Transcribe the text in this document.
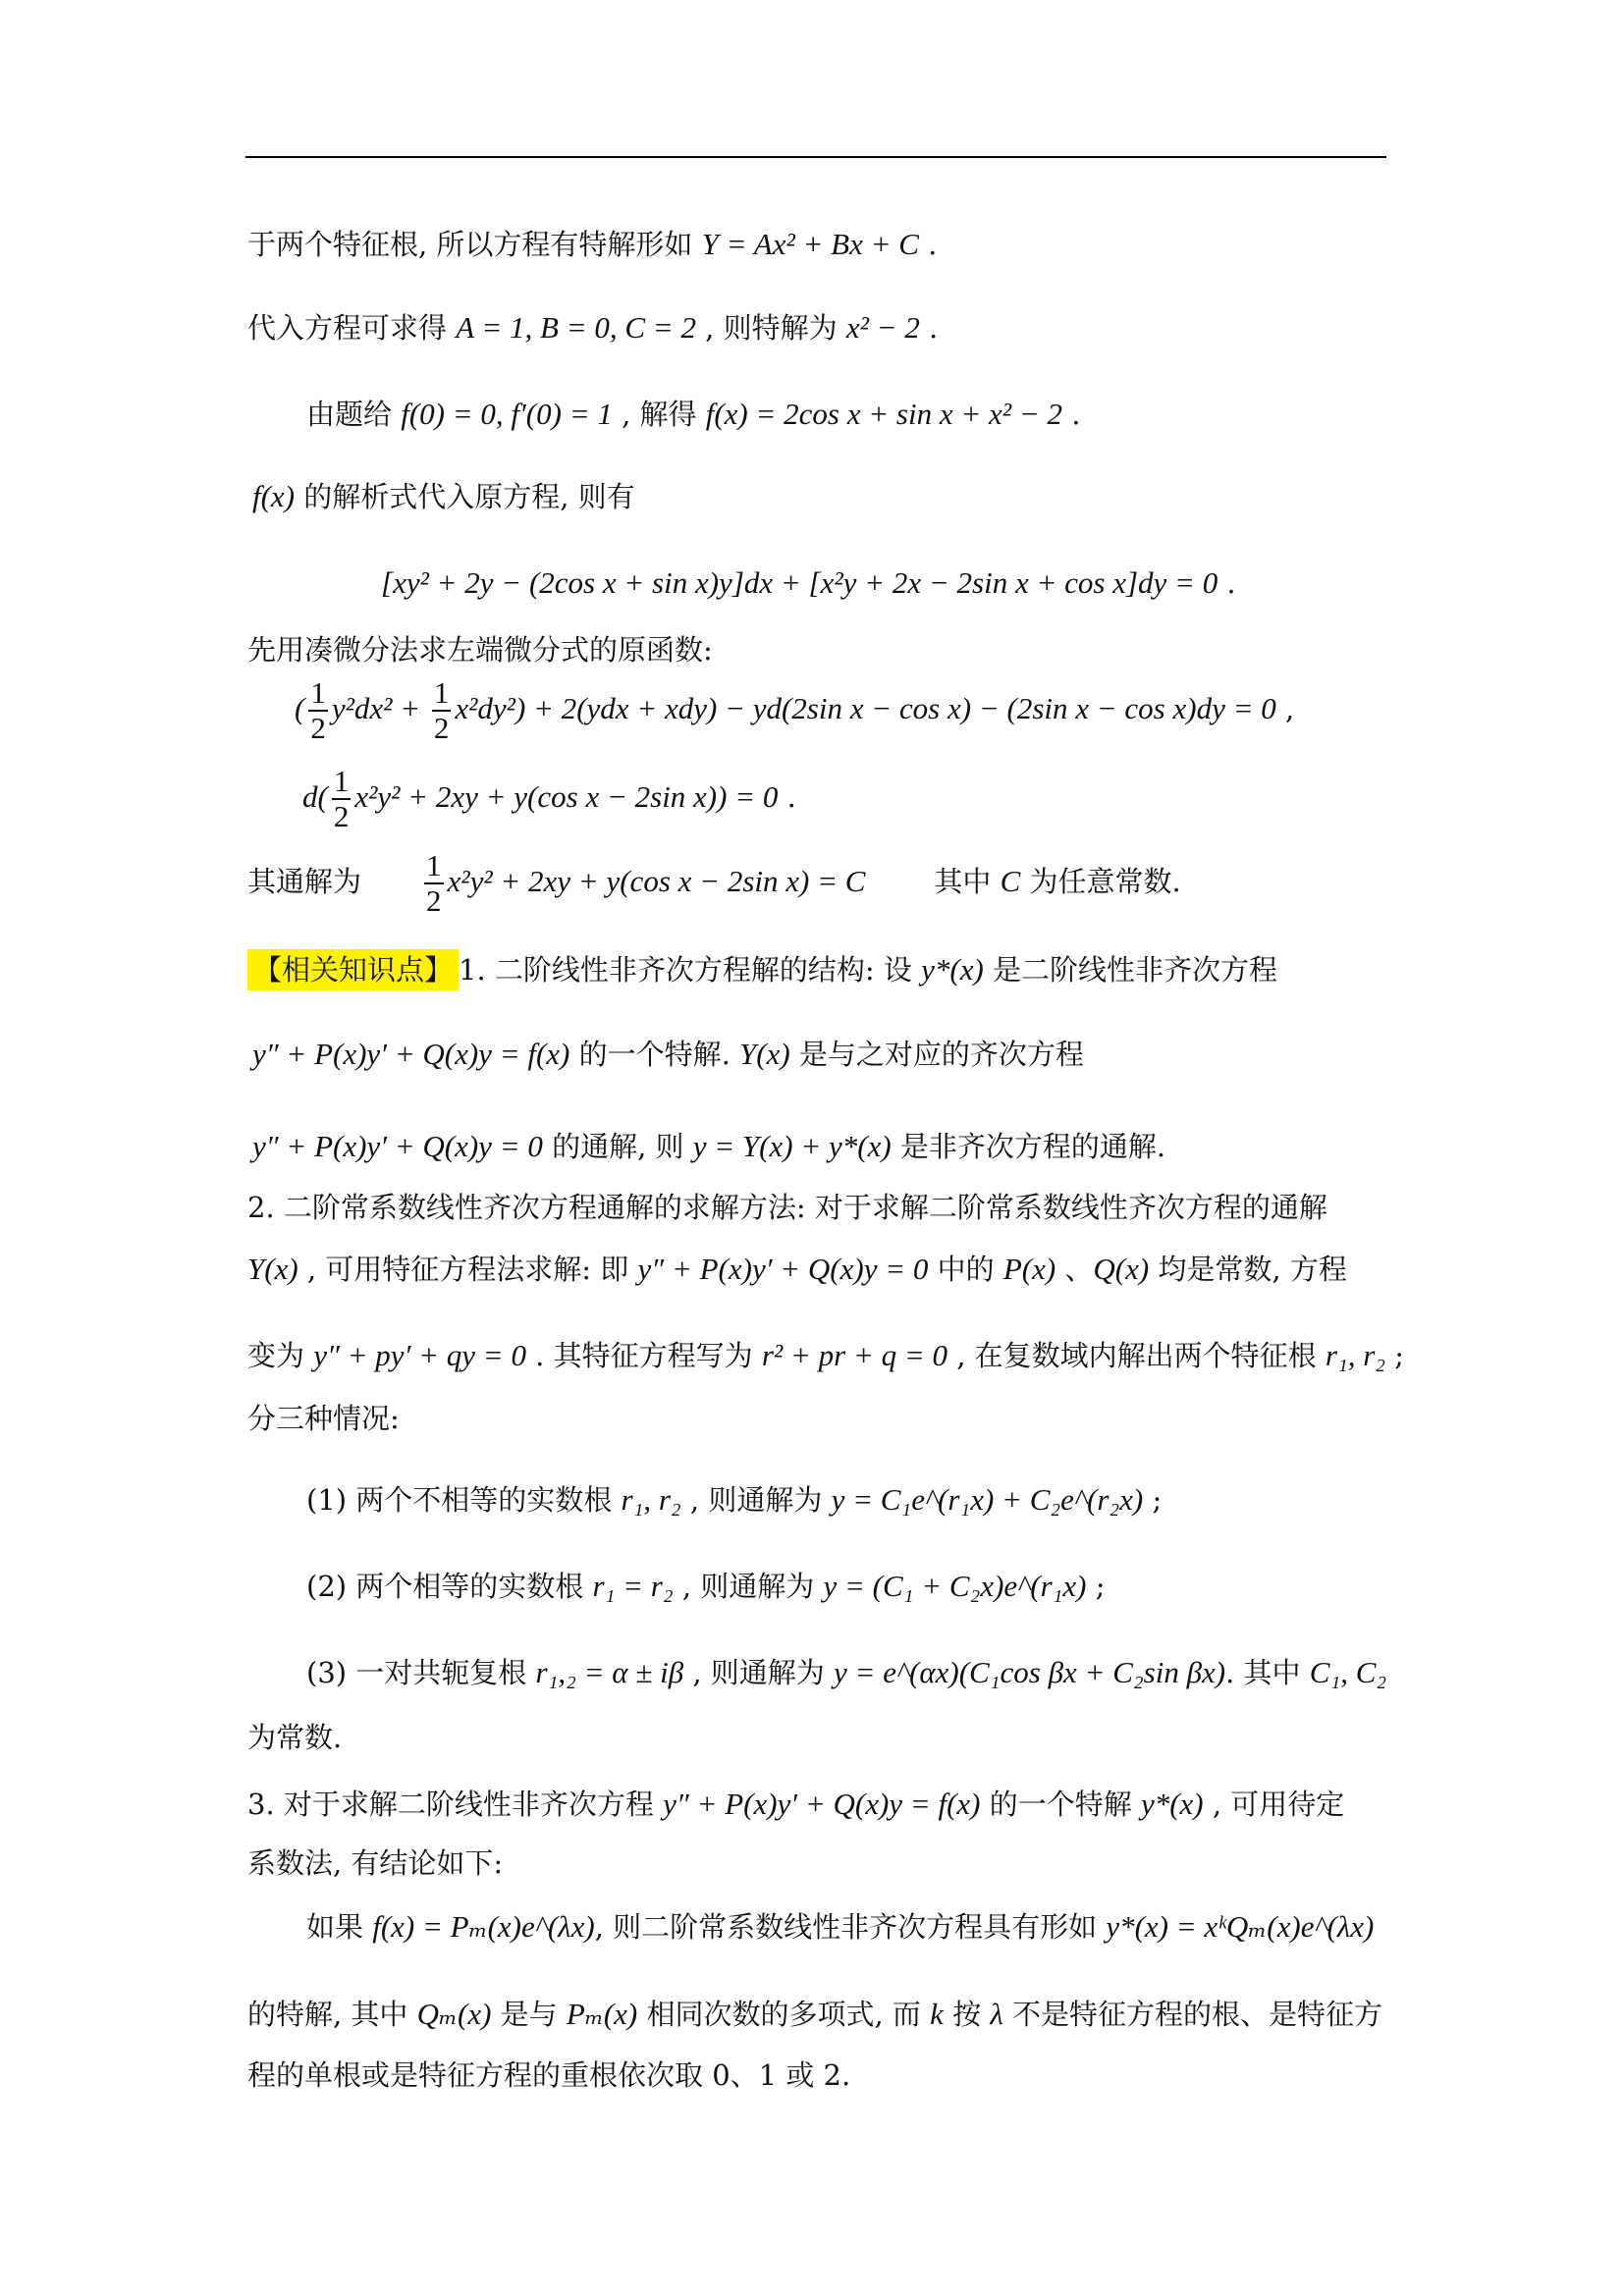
于两个特征根, 所以方程有特解形如 Y = Ax² + Bx + C .
代入方程可求得 A = 1, B = 0, C = 2 , 则特解为 x² − 2 .
由题给 f(0) = 0, f′(0) = 1 , 解得 f(x) = 2cos x + sin x + x² − 2 .
f(x) 的解析式代入原方程, 则有
[xy² + 2y − (2cos x + sin x)y]dx + [x²y + 2x − 2sin x + cos x]dy = 0 .
先用凑微分法求左端微分式的原函数:
( $\frac{1}{2} y^2dx^2 + \frac{1}{2} x^2dy^2) + 2(ydx + xdy) - yd(2\sin$ x − cos x) − (2sin x − cos x)dy = 0 ,
$d( \frac{1}{2} x^2y^2 + 2xy + y(\cos$ x − 2sin x)) = 0 .
其通解为 $\frac{1}{2} x^2y^2 + 2xy + y(\cos$ x − 2sin x) = C 其中 C 为任意常数.
【相关知识点】 1. 二阶线性非齐次方程解的结构: 设 y*(x) 是二阶线性非齐次方程
y″ + P(x)y′ + Q(x)y = f(x) 的一个特解. Y(x) 是与之对应的齐次方程
y″ + P(x)y′ + Q(x)y = 0 的通解, 则 y = Y(x) + y*(x) 是非齐次方程的通解.
2. 二阶常系数线性齐次方程通解的求解方法: 对于求解二阶常系数线性齐次方程的通解
Y(x) , 可用特征方程法求解: 即 y″ + P(x)y′ + Q(x)y = 0 中的 P(x) 、Q(x) 均是常数, 方程
变为 y″ + py′ + qy = 0 . 其特征方程写为 r² + pr + q = 0 , 在复数域内解出两个特征根 r₁, r₂ ;
分三种情况:
(1) 两个不相等的实数根 r₁, r₂ , 则通解为 y = C₁e^(r₁x) + C₂e^(r₂x) ;
(2) 两个相等的实数根 r₁ = r₂ , 则通解为 y = (C₁ + C₂x)e^(r₁x) ;
(3) 一对共轭复根 r₁,₂ = α ± iβ , 则通解为 y = e^(αx)(C₁cos βx + C₂sin βx). 其中 C₁, C₂
为常数.
3. 对于求解二阶线性非齐次方程 y″ + P(x)y′ + Q(x)y = f(x) 的一个特解 y*(x) , 可用待定
系数法, 有结论如下:
如果 f(x) = Pₘ(x)e^(λx), 则二阶常系数线性非齐次方程具有形如 y*(x) = xᵏQₘ(x)e^(λx)
的特解, 其中 Qₘ(x) 是与 Pₘ(x) 相同次数的多项式, 而 k 按 λ 不是特征方程的根、是特征方
程的单根或是特征方程的重根依次取 0、1 或 2.
